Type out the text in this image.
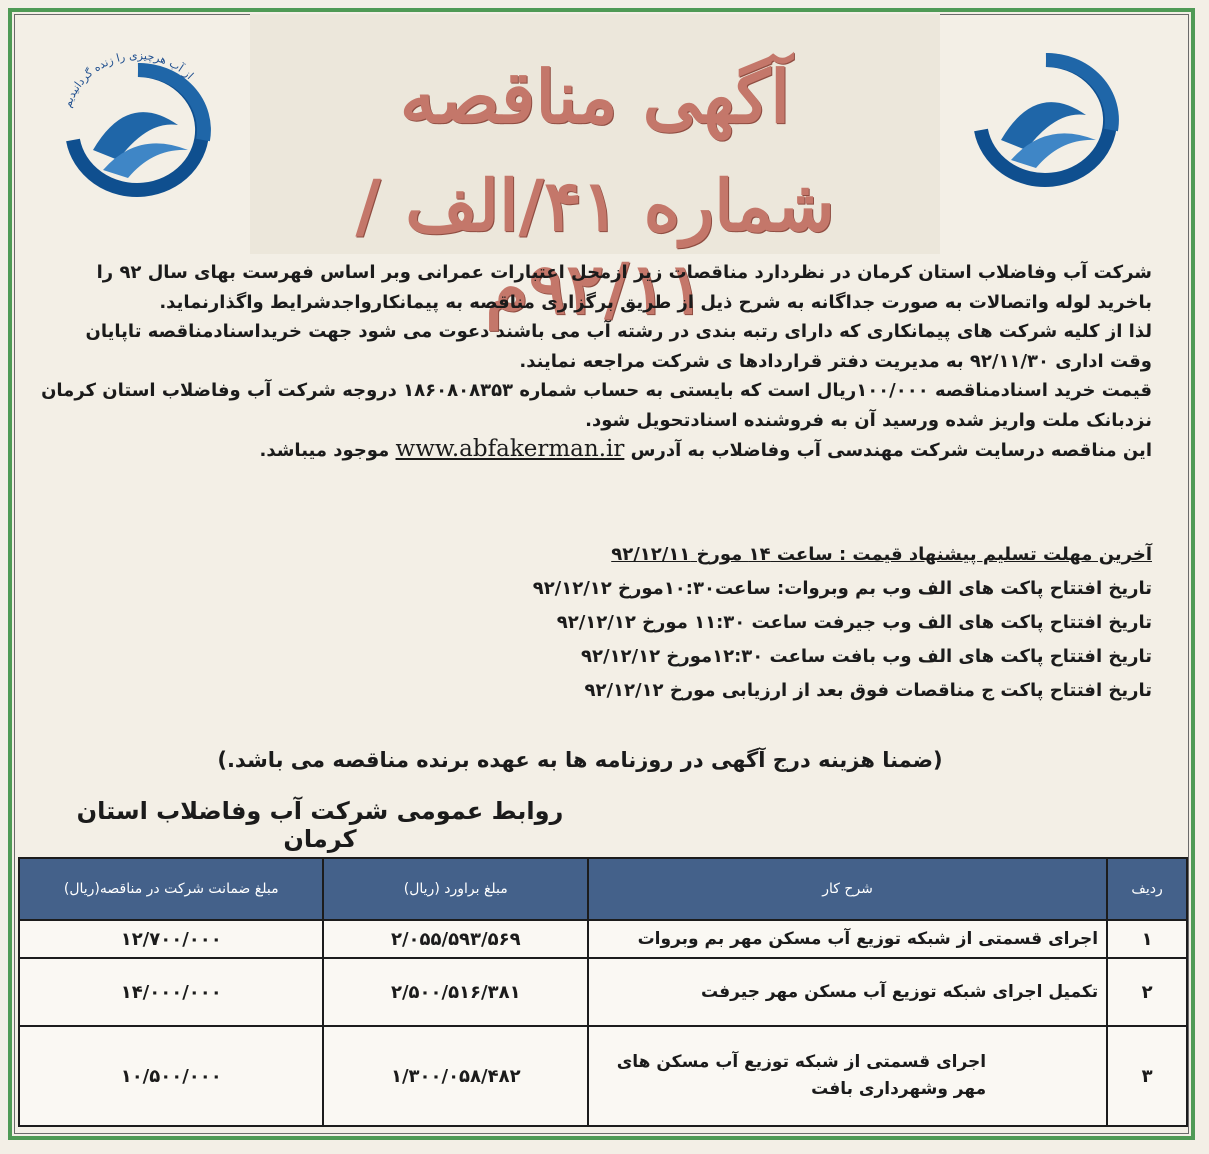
از آب هرچیزی را زنده گردانیدیم	آگهی مناقصه
شماره ۴۱/الف /۹۲/۱۱م

شرکت آب وفاضلاب استان کرمان در نظردارد مناقصات زیر ازمحل اعتبارات عمرانی وبر اساس فهرست بهای سال ۹۲ را باخرید لوله واتصالات به صورت جداگانه به شرح ذیل از طریق برگزاری مناقصه به پیمانکارواجدشرایط واگذارنماید.

لذا از کلیه شرکت های پیمانکاری که دارای رتبه بندی در رشته آب می باشند دعوت می شود جهت خریداسنادمناقصه تاپایان وقت اداری ۹۲/۱۱/۳۰ به مدیریت دفتر قراردادها ی شرکت مراجعه نمایند.

قیمت خرید اسنادمناقصه ۱۰۰/۰۰۰ریال است که بایستی به حساب شماره ۱۸۶۰۸۰۸۳۵۳ دروجه شرکت آب وفاضلاب استان کرمان نزدبانک ملت واریز شده ورسید آن به فروشنده اسنادتحویل شود.

این مناقصه درسایت شرکت مهندسی آب وفاضلاب به آدرس www.abfakerman.ir موجود میباشد.

آخرین مهلت تسلیم پیشنهاد قیمت : ساعت ۱۴ مورخ ۹۲/۱۲/۱۱
تاریخ افتتاح پاکت های الف وب بم وبروات: ساعت۱۰:۳۰مورخ ۹۲/۱۲/۱۲
تاریخ افتتاح پاکت های الف وب جیرفت ساعت ۱۱:۳۰ مورخ ۹۲/۱۲/۱۲
تاریخ افتتاح پاکت های الف وب بافت ساعت ۱۲:۳۰مورخ ۹۲/۱۲/۱۲
تاریخ افتتاح پاکت ج مناقصات فوق بعد از ارزیابی مورخ ۹۲/۱۲/۱۲
(ضمنا هزینه درج آگهی در روزنامه ها به عهده برنده مناقصه می باشد.)
روابط عمومی شرکت آب وفاضلاب استان کرمان
ردیف	شرح کار	مبلغ براورد (ریال)	مبلغ ضمانت شرکت در مناقصه(ریال)
۱	اجرای قسمتی از شبکه توزیع آب مسکن مهر بم وبروات	۲/۰۵۵/۵۹۳/۵۶۹	۱۲/۷۰۰/۰۰۰
۲	تکمیل اجرای شبکه توزیع آب مسکن مهر جیرفت	۲/۵۰۰/۵۱۶/۳۸۱	۱۴/۰۰۰/۰۰۰
۳	اجرای قسمتی از شبکه توزیع آب مسکن های مهر وشهرداری بافت	۱/۳۰۰/۰۵۸/۴۸۲	۱۰/۵۰۰/۰۰۰
